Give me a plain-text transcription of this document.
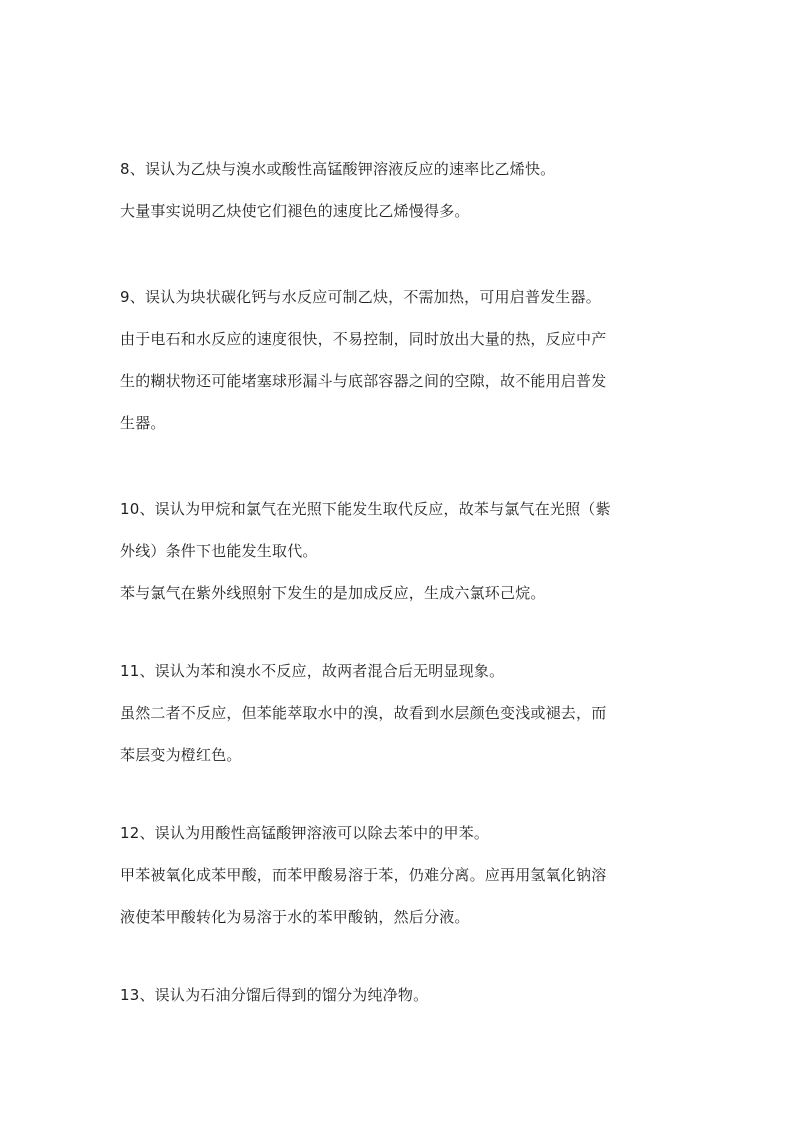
8、误认为乙炔与溴水或酸性高锰酸钾溶液反应的速率比乙烯快。
大量事实说明乙炔使它们褪色的速度比乙烯慢得多。
9、误认为块状碳化钙与水反应可制乙炔，不需加热，可用启普发生器。
由于电石和水反应的速度很快，不易控制，同时放出大量的热，反应中产
生的糊状物还可能堵塞球形漏斗与底部容器之间的空隙，故不能用启普发
生器。
10、误认为甲烷和氯气在光照下能发生取代反应，故苯与氯气在光照（紫
外线）条件下也能发生取代。
苯与氯气在紫外线照射下发生的是加成反应，生成六氯环己烷。
11、误认为苯和溴水不反应，故两者混合后无明显现象。
虽然二者不反应，但苯能萃取水中的溴，故看到水层颜色变浅或褪去，而
苯层变为橙红色。
12、误认为用酸性高锰酸钾溶液可以除去苯中的甲苯。
甲苯被氧化成苯甲酸，而苯甲酸易溶于苯，仍难分离。应再用氢氧化钠溶
液使苯甲酸转化为易溶于水的苯甲酸钠，然后分液。
13、误认为石油分馏后得到的馏分为纯净物。
